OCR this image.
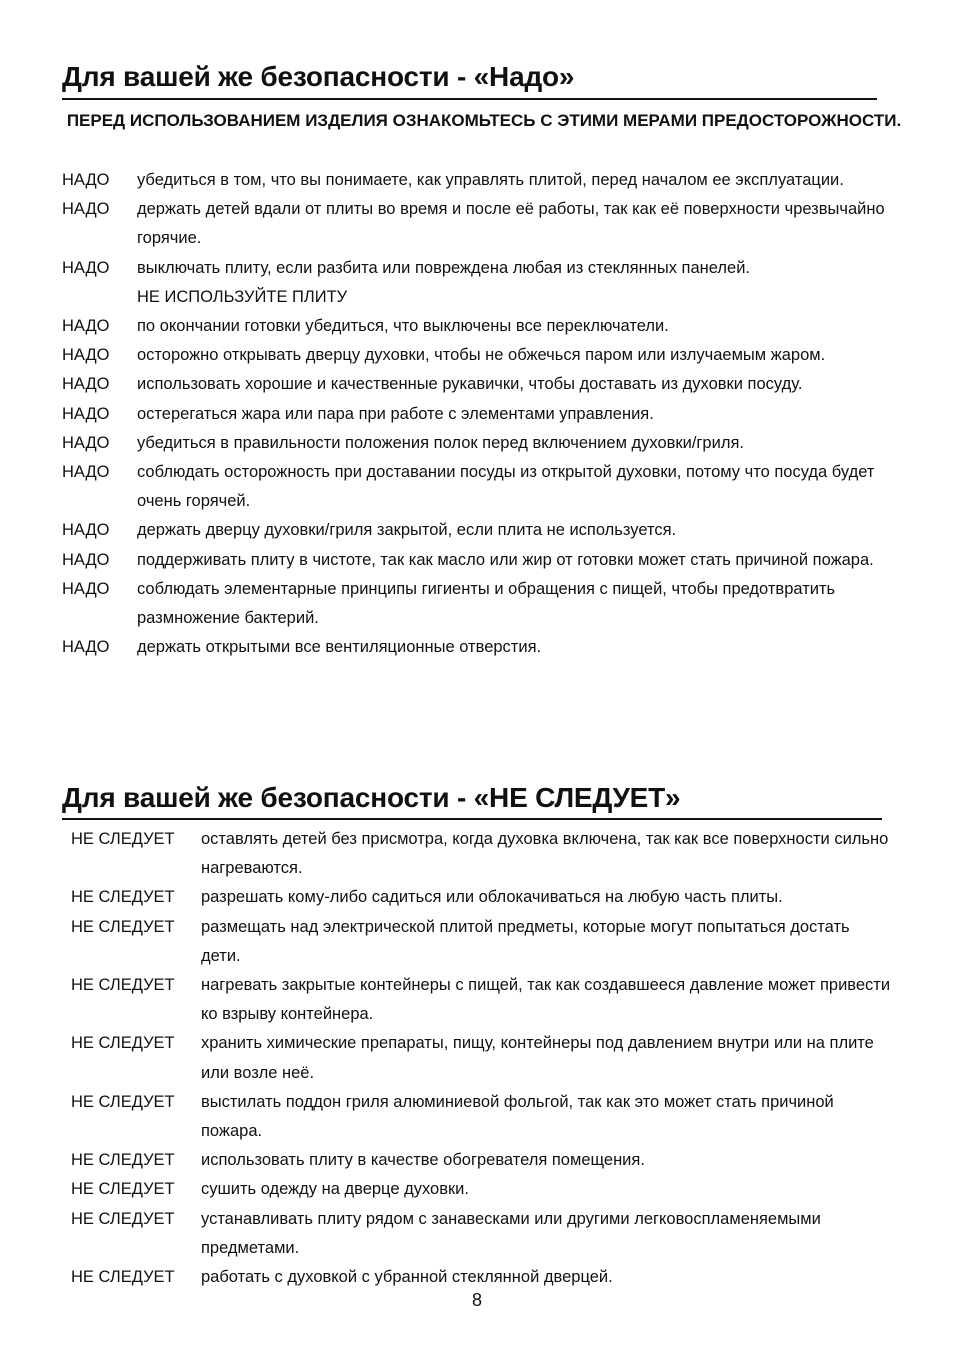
Для вашей же безопасности - «Надо»
ПЕРЕД ИСПОЛЬЗОВАНИЕМ ИЗДЕЛИЯ ОЗНАКОМЬТЕСЬ С ЭТИМИ МЕРАМИ ПРЕДОСТОРОЖНОСТИ.
НАДО	убедиться в том, что вы понимаете, как управлять плитой, перед началом ее эксплуатации.
НАДО	держать детей вдали от плиты во время и после её работы, так как её поверхности чрезвычайно горячие.
НАДО	выключать плиту, если разбита или повреждена любая из стеклянных панелей.
НЕ ИСПОЛЬЗУЙТЕ ПЛИТУ
НАДО	по окончании готовки убедиться, что выключены все переключатели.
НАДО	осторожно открывать дверцу духовки, чтобы не обжечься паром или излучаемым жаром.
НАДО	использовать хорошие и качественные рукавички, чтобы доставать из духовки посуду.
НАДО	остерегаться жара или пара при работе с элементами управления.
НАДО	убедиться в правильности положения полок перед включением духовки/гриля.
НАДО	соблюдать осторожность при доставании посуды из открытой духовки, потому что посуда будет очень горячей.
НАДО	держать дверцу духовки/гриля закрытой, если плита не используется.
НАДО	поддерживать плиту в чистоте, так как масло или жир от готовки может стать причиной пожара.
НАДО	соблюдать элементарные принципы гигиенты и обращения с пищей, чтобы предотвратить размножение бактерий.
НАДО	держать открытыми все вентиляционные отверстия.
Для вашей же безопасности - «НЕ СЛЕДУЕТ»
НЕ СЛЕДУЕТ	оставлять детей без присмотра, когда духовка включена, так как все поверхности сильно нагреваются.
НЕ СЛЕДУЕТ	разрешать кому-либо садиться или облокачиваться на любую часть плиты.
НЕ СЛЕДУЕТ	размещать над электрической плитой предметы, которые могут попытаться достать дети.
НЕ СЛЕДУЕТ	нагревать закрытые контейнеры с пищей, так как создавшееся давление может привести ко взрыву контейнера.
НЕ СЛЕДУЕТ	хранить химические препараты, пищу, контейнеры под давлением внутри или на плите или возле неё.
НЕ СЛЕДУЕТ	выстилать поддон гриля алюминиевой фольгой, так как это может стать причиной пожара.
НЕ СЛЕДУЕТ	использовать плиту в качестве обогревателя помещения.
НЕ СЛЕДУЕТ	сушить одежду на дверце духовки.
НЕ СЛЕДУЕТ	устанавливать плиту рядом с занавесками или другими легковоспламеняемыми предметами.
НЕ СЛЕДУЕТ	работать с духовкой с убранной стеклянной дверцей.
8
